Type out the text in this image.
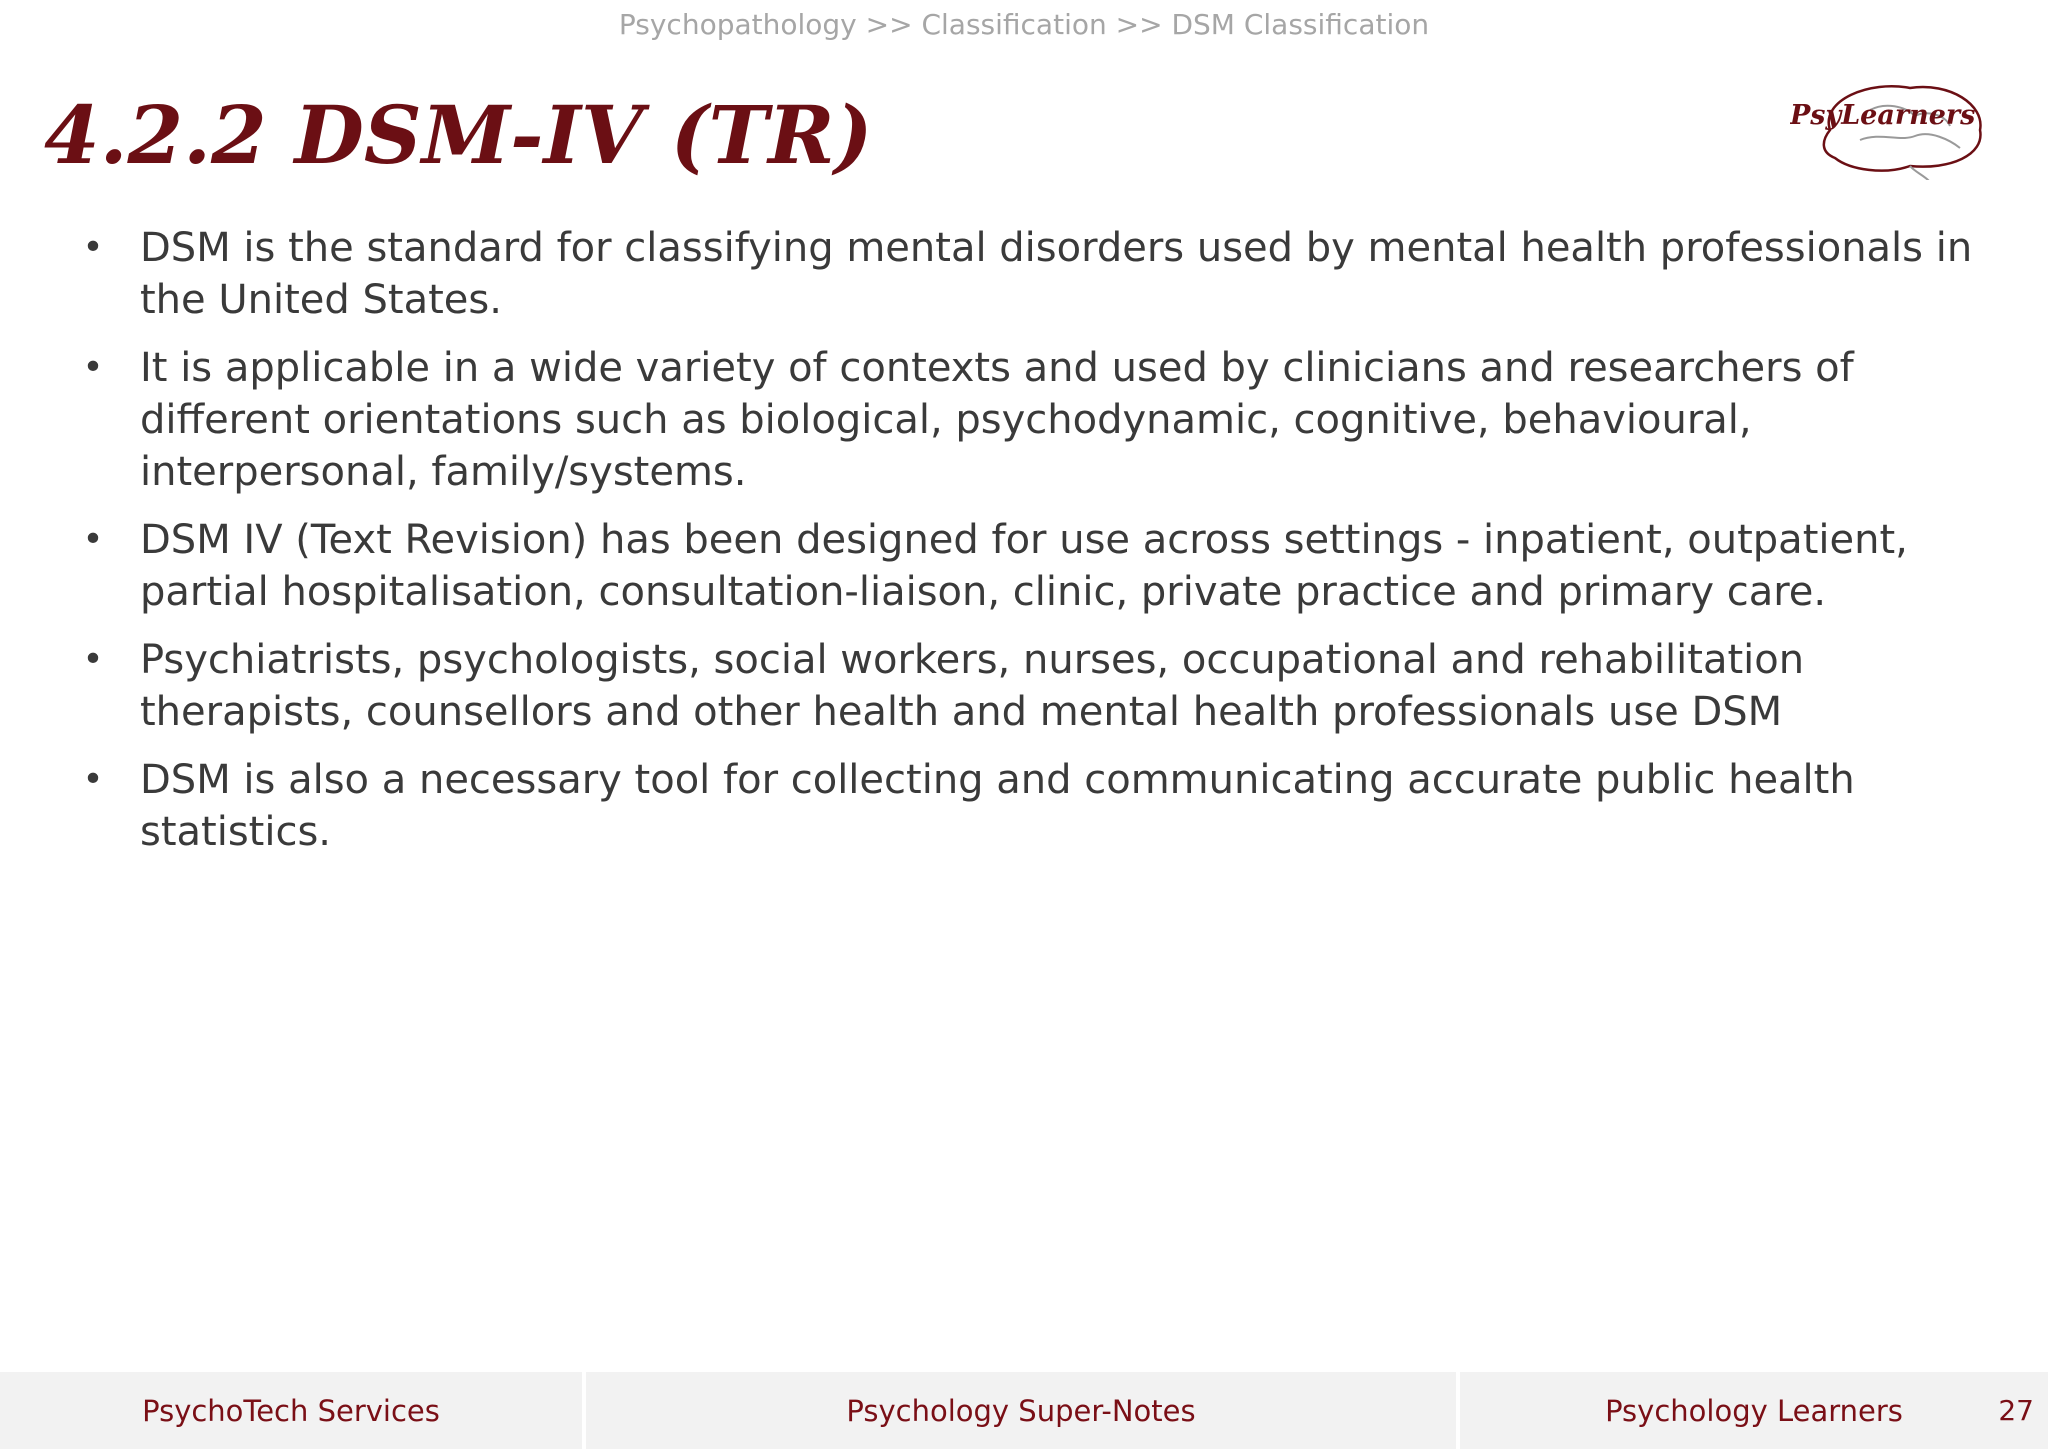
Psychopathology >> Classification >> DSM Classification
4.2.2 DSM-IV (TR)	PsyLearners
• DSM is the standard for classifying mental disorders used by mental health professionals in the United States.
• It is applicable in a wide variety of contexts and used by clinicians and researchers of different orientations such as biological, psychodynamic, cognitive, behavioural, interpersonal, family/systems.
• DSM IV (Text Revision) has been designed for use across settings - inpatient, outpatient, partial hospitalisation, consultation-liaison, clinic, private practice and primary care.
• Psychiatrists, psychologists, social workers, nurses, occupational and rehabilitation therapists, counsellors and other health and mental health professionals use DSM
• DSM is also a necessary tool for collecting and communicating accurate public health statistics.
PsychoTech Services	Psychology Super-Notes	Psychology Learners	27
